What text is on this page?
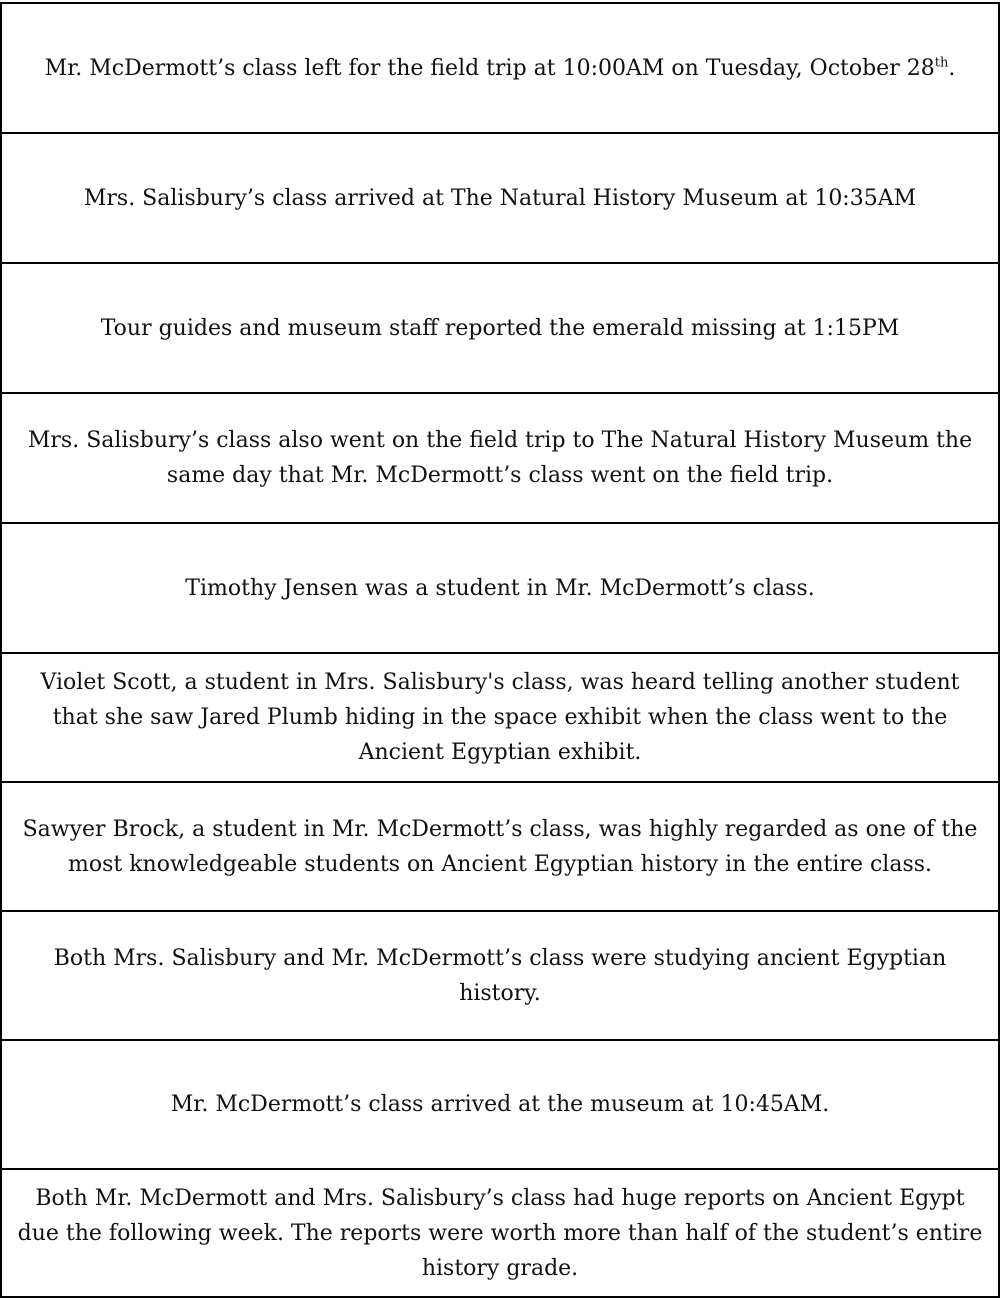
Mr. McDermott’s class left for the field trip at 10:00AM on Tuesday, October 28th.

Mrs. Salisbury’s class arrived at The Natural History Museum at 10:35AM

Tour guides and museum staff reported the emerald missing at 1:15PM

Mrs. Salisbury’s class also went on the field trip to The Natural History Museum the same day that Mr. McDermott’s class went on the field trip.

Timothy Jensen was a student in Mr. McDermott’s class.

Violet Scott, a student in Mrs. Salisbury's class, was heard telling another student that she saw Jared Plumb hiding in the space exhibit when the class went to the Ancient Egyptian exhibit.

Sawyer Brock, a student in Mr. McDermott’s class, was highly regarded as one of the most knowledgeable students on Ancient Egyptian history in the entire class.

Both Mrs. Salisbury and Mr. McDermott’s class were studying ancient Egyptian history.

Mr. McDermott’s class arrived at the museum at 10:45AM.

Both Mr. McDermott and Mrs. Salisbury’s class had huge reports on Ancient Egypt due the following week. The reports were worth more than half of the student’s entire history grade.
